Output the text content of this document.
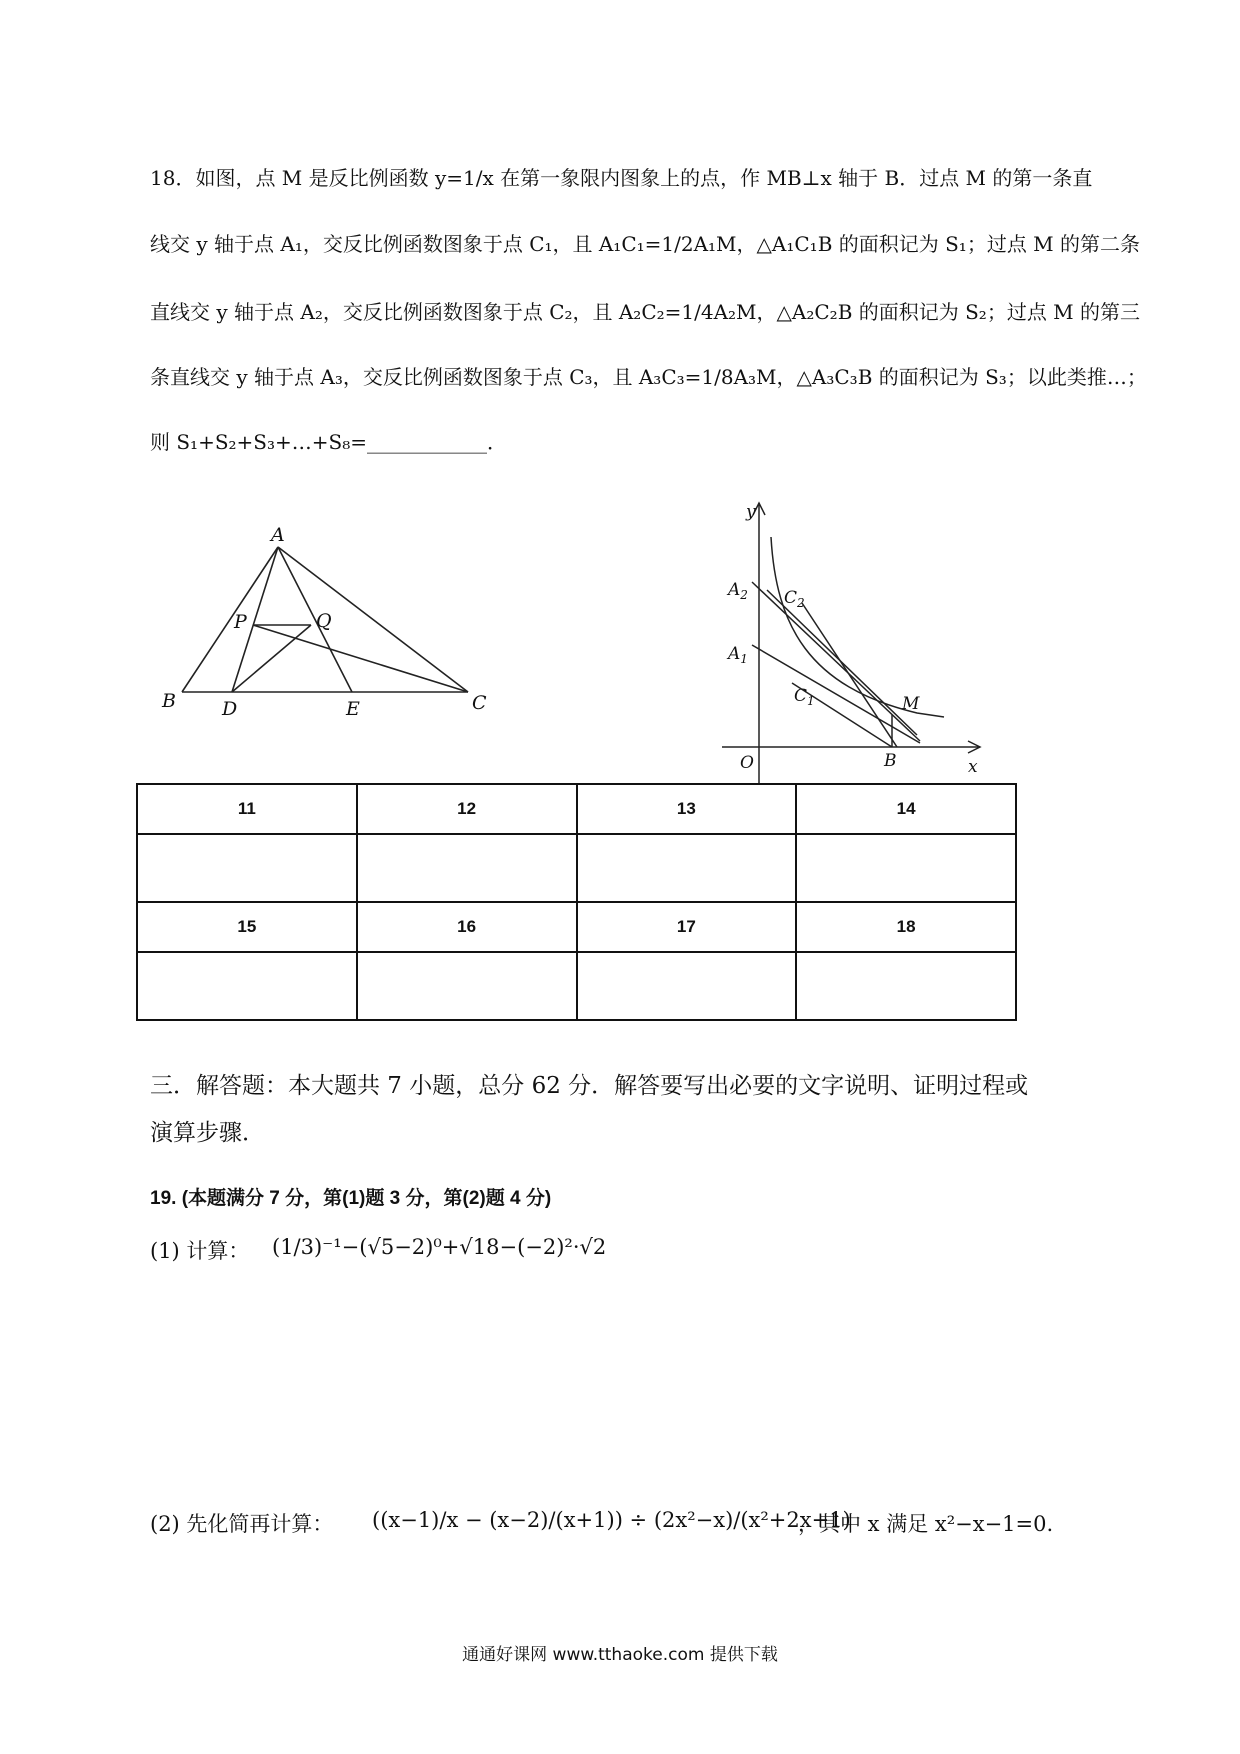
18．如图，点 M 是反比例函数 y=1/x 在第一象限内图象上的点，作 MB⊥x 轴于 B．过点 M 的第一条直
线交 y 轴于点 A₁，交反比例函数图象于点 C₁，且 A₁C₁=1/2A₁M，△A₁C₁B 的面积记为 S₁；过点 M 的第二条
直线交 y 轴于点 A₂，交反比例函数图象于点 C₂，且 A₂C₂=1/4A₂M，△A₂C₂B 的面积记为 S₂；过点 M 的第三
条直线交 y 轴于点 A₃，交反比例函数图象于点 C₃，且 A₃C₃=1/8A₃M，△A₃C₃B 的面积记为 S₃；以此类推…；
则 S₁+S₂+S₃+…+S₈=____________．
A
B	C
D	E
P	Q
y
x
O
$A_2$
$A_1$
$C_2$
$C_1$	M
B
11	12	13	14

15	16	17	18

三．解答题：本大题共 7 小题，总分 62 分．解答要写出必要的文字说明、证明过程或
演算步骤．
19. (本题满分 7 分，第(1)题 3 分，第(2)题 4 分)
(1) 计算： (1/3)⁻¹−(√5−2)⁰+√18−(−2)²·√2
(2) 先化简再计算： ((x−1)/x − (x−2)/(x+1)) ÷ (2x²−x)/(x²+2x+1)
，其中 x 满足 x²−x−1=0.
通通好课网 www.tthaoke.com 提供下载
